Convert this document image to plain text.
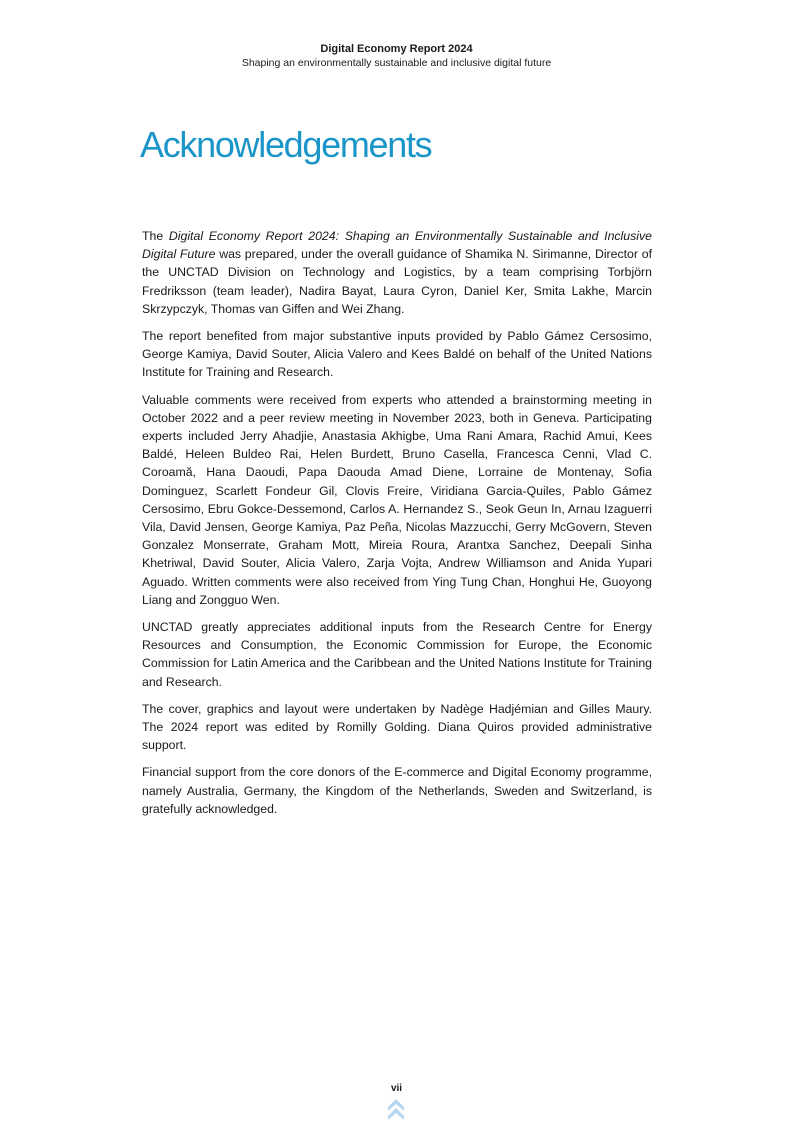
Digital Economy Report 2024
Shaping an environmentally sustainable and inclusive digital future
Acknowledgements

The Digital Economy Report 2024: Shaping an Environmentally Sustainable and Inclusive Digital Future was prepared, under the overall guidance of Shamika N. Sirimanne, Director of the UNCTAD Division on Technology and Logistics, by a team comprising Torbjörn Fredriksson (team leader), Nadira Bayat, Laura Cyron, Daniel Ker, Smita Lakhe, Marcin Skrzypczyk, Thomas van Giffen and Wei Zhang.

The report benefited from major substantive inputs provided by Pablo Gámez Cersosimo, George Kamiya, David Souter, Alicia Valero and Kees Baldé on behalf of the United Nations Institute for Training and Research.

Valuable comments were received from experts who attended a brainstorming meeting in October 2022 and a peer review meeting in November 2023, both in Geneva. Participating experts included Jerry Ahadjie, Anastasia Akhigbe, Uma Rani Amara, Rachid Amui, Kees Baldé, Heleen Buldeo Rai, Helen Burdett, Bruno Casella, Francesca Cenni, Vlad C. Coroamă, Hana Daoudi, Papa Daouda Amad Diene, Lorraine de Montenay, Sofia Dominguez, Scarlett Fondeur Gil, Clovis Freire, Viridiana Garcia-Quiles, Pablo Gámez Cersosimo, Ebru Gokce-Dessemond, Carlos A. Hernandez S., Seok Geun In, Arnau Izaguerri Vila, David Jensen, George Kamiya, Paz Peña, Nicolas Mazzucchi, Gerry McGovern, Steven Gonzalez Monserrate, Graham Mott, Mireia Roura, Arantxa Sanchez, Deepali Sinha Khetriwal, David Souter, Alicia Valero, Zarja Vojta, Andrew Williamson and Anida Yupari Aguado. Written comments were also received from Ying Tung Chan, Honghui He, Guoyong Liang and Zongguo Wen.

UNCTAD greatly appreciates additional inputs from the Research Centre for Energy Resources and Consumption, the Economic Commission for Europe, the Economic Commission for Latin America and the Caribbean and the United Nations Institute for Training and Research.

The cover, graphics and layout were undertaken by Nadège Hadjémian and Gilles Maury. The 2024 report was edited by Romilly Golding. Diana Quiros provided administrative support.

Financial support from the core donors of the E-commerce and Digital Economy programme, namely Australia, Germany, the Kingdom of the Netherlands, Sweden and Switzerland, is gratefully acknowledged.

vii
